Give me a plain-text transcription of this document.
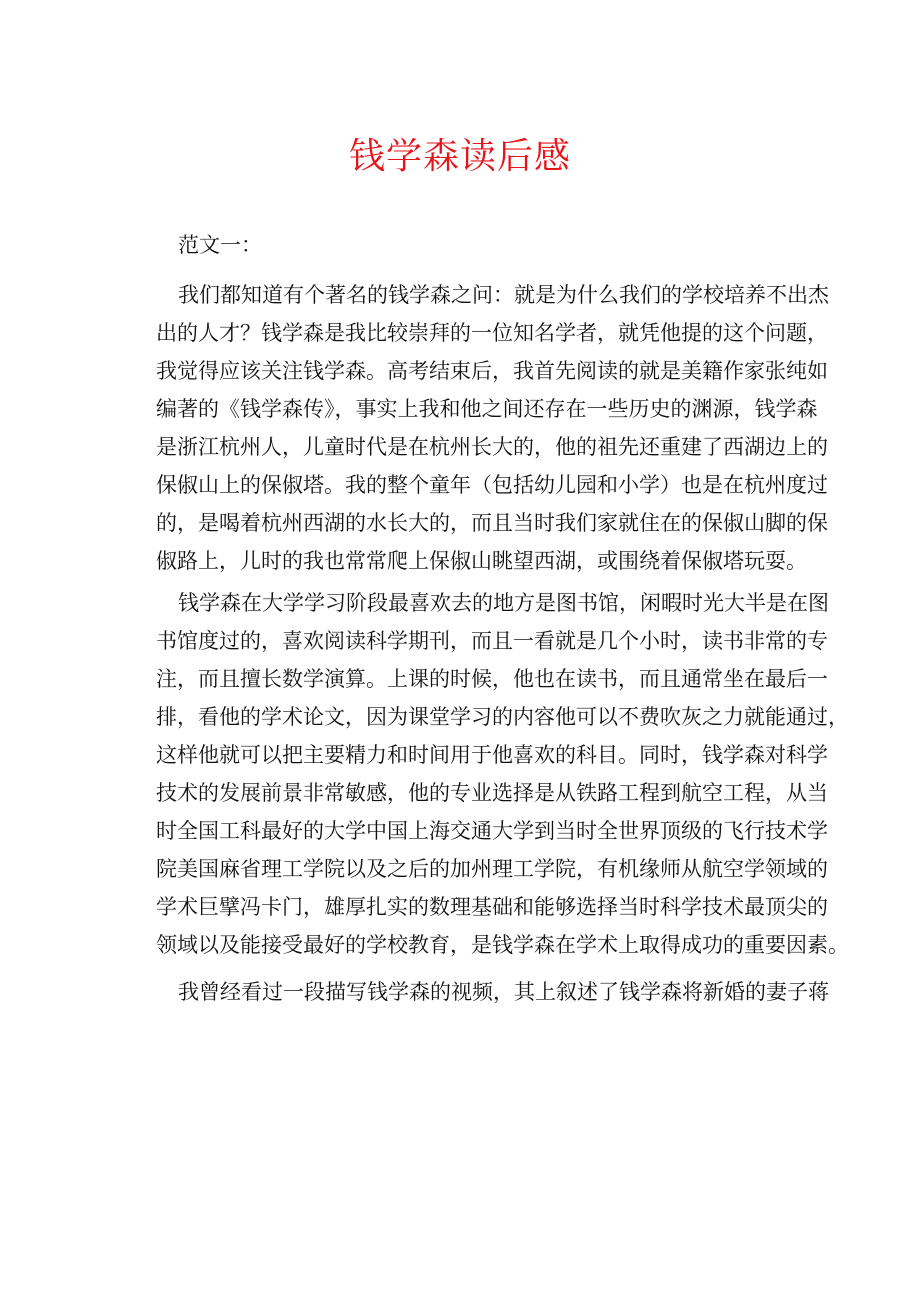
钱学森读后感
范文一：
我们都知道有个著名的钱学森之问：就是为什么我们的学校培养不出杰
出的人才？钱学森是我比较崇拜的一位知名学者，就凭他提的这个问题，
我觉得应该关注钱学森。高考结束后，我首先阅读的就是美籍作家张纯如
编著的《钱学森传》，事实上我和他之间还存在一些历史的渊源，钱学森
是浙江杭州人，儿童时代是在杭州长大的，他的祖先还重建了西湖边上的
保俶山上的保俶塔。我的整个童年（包括幼儿园和小学）也是在杭州度过
的，是喝着杭州西湖的水长大的，而且当时我们家就住在的保俶山脚的保
俶路上，儿时的我也常常爬上保俶山眺望西湖，或围绕着保俶塔玩耍。
钱学森在大学学习阶段最喜欢去的地方是图书馆，闲暇时光大半是在图
书馆度过的，喜欢阅读科学期刊，而且一看就是几个小时，读书非常的专
注，而且擅长数学演算。上课的时候，他也在读书，而且通常坐在最后一
排，看他的学术论文，因为课堂学习的内容他可以不费吹灰之力就能通过，
这样他就可以把主要精力和时间用于他喜欢的科目。同时，钱学森对科学
技术的发展前景非常敏感，他的专业选择是从铁路工程到航空工程，从当
时全国工科最好的大学中国上海交通大学到当时全世界顶级的飞行技术学
院美国麻省理工学院以及之后的加州理工学院，有机缘师从航空学领域的
学术巨擘冯卡门，雄厚扎实的数理基础和能够选择当时科学技术最顶尖的
领域以及能接受最好的学校教育，是钱学森在学术上取得成功的重要因素。
我曾经看过一段描写钱学森的视频，其上叙述了钱学森将新婚的妻子蒋
